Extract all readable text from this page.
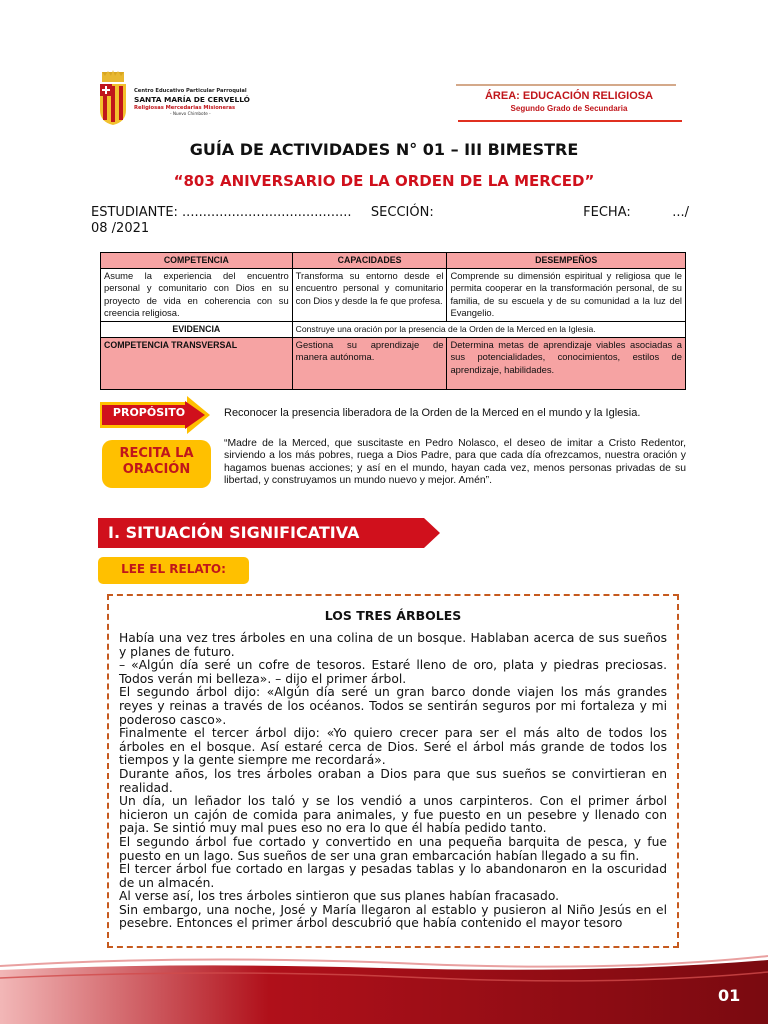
Centro Educativo Particular Parroquial
SANTA MARÍA DE CERVELLÓ
Religiosas Mercedarias Misioneras
- Nuevo Chimbote -
ÁREA: EDUCACIÓN RELIGIOSA
Segundo Grado de Secundaria
GUÍA DE ACTIVIDADES N° 01 – III BIMESTRE
“803 ANIVERSARIO DE LA ORDEN DE LA MERCED”
ESTUDIANTE: ......................................... SECCIÓN:	FECHA:	.../
08 /2021
COMPETENCIA	CAPACIDADES	DESEMPEÑOS
Asume la experiencia del encuentro personal y comunitario con Dios en su proyecto de vida en coherencia con su creencia religiosa.	Transforma su entorno desde el encuentro personal y comunitario con Dios y desde la fe que profesa.	Comprende su dimensión espiritual y religiosa que le permita cooperar en la transformación personal, de su familia, de su escuela y de su comunidad a la luz del Evangelio.
EVIDENCIA	Construye una oración por la presencia de la Orden de la Merced en la Iglesia.	
COMPETENCIA TRANSVERSAL	Gestiona su aprendizaje de manera autónoma.	Determina metas de aprendizaje viables asociadas a sus potencialidades, conocimientos, estilos de aprendizaje, habilidades.
PROPÓSITO	Reconocer la presencia liberadora de la Orden de la Merced en el mundo y la Iglesia.
RECITA LA
ORACIÓN
“Madre de la Merced, que suscitaste en Pedro Nolasco, el deseo de imitar a Cristo Redentor, sirviendo a los más pobres, ruega a Dios Padre, para que cada día ofrezcamos, nuestra oración y hagamos buenas acciones; y así en el mundo, hayan cada vez, menos personas privadas de su libertad, y construyamos un mundo nuevo y mejor. Amén”.
I. SITUACIÓN SIGNIFICATIVA
LEE EL RELATO:
LOS TRES ÁRBOLES

Había una vez tres árboles en una colina de un bosque. Hablaban acerca de sus sueños y planes de futuro.

– «Algún día seré un cofre de tesoros. Estaré lleno de oro, plata y piedras preciosas. Todos verán mi belleza». – dijo el primer árbol.

El segundo árbol dijo: «Algún día seré un gran barco donde viajen los más grandes reyes y reinas a través de los océanos. Todos se sentirán seguros por mi fortaleza y mi poderoso casco».

Finalmente el tercer árbol dijo: «Yo quiero crecer para ser el más alto de todos los árboles en el bosque. Así estaré cerca de Dios. Seré el árbol más grande de todos los tiempos y la gente siempre me recordará».

Durante años, los tres árboles oraban a Dios para que sus sueños se convirtieran en realidad.

Un día, un leñador los taló y se los vendió a unos carpinteros. Con el primer árbol hicieron un cajón de comida para animales, y fue puesto en un pesebre y llenado con paja. Se sintió muy mal pues eso no era lo que él había pedido tanto.

El segundo árbol fue cortado y convertido en una pequeña barquita de pesca, y fue puesto en un lago. Sus sueños de ser una gran embarcación habían llegado a su fin.

El tercer árbol fue cortado en largas y pesadas tablas y lo abandonaron en la oscuridad de un almacén.

Al verse así, los tres árboles sintieron que sus planes habían fracasado.

Sin embargo, una noche, José y María llegaron al establo y pusieron al Niño Jesús en el pesebre. Entonces el primer árbol descubrió que había contenido el mayor tesoro

01
